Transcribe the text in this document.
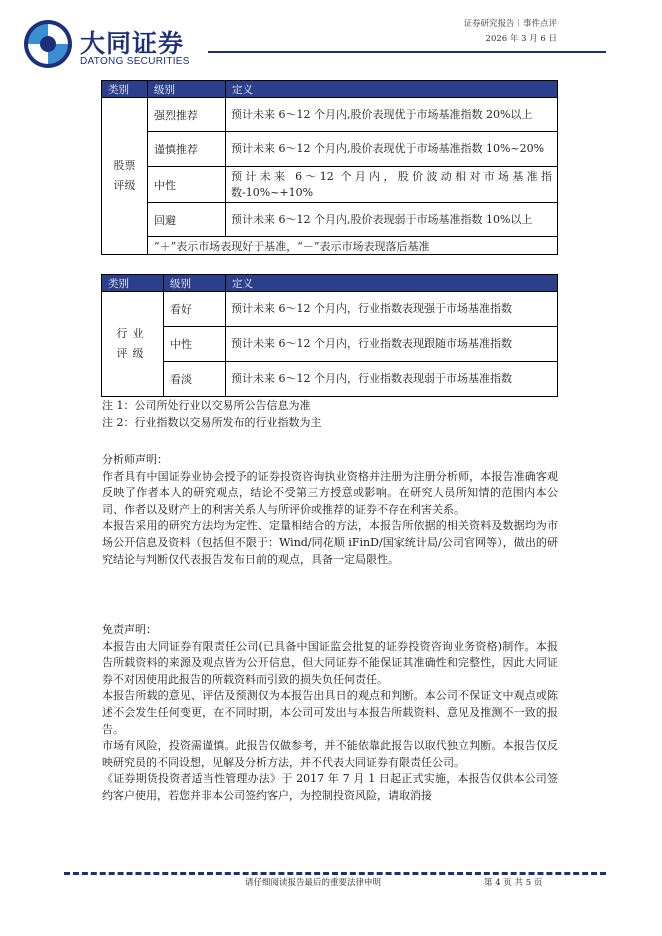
大同证券
DATONG SECURITIES
证券研究报告｜事件点评
2026 年 3 月 6 日
类别	级别	定义
股票评级	强烈推荐	预计未来 6～12 个月内,股价表现优于市场基准指数 20%以上
	谨慎推荐	预计未来 6～12 个月内,股价表现优于市场基准指数 10%~20%
	中性	预计未来 6～12 个月内，股价波动相对市场基准指数-10%~+10%
	回避	预计未来 6～12 个月内,股价表现弱于市场基准指数 10%以上
	“＋”表示市场表现好于基准，“－”表示市场表现落后基准	
类别	级别	定义
行业评级	看好	预计未来 6～12 个月内，行业指数表现强于市场基准指数
	中性	预计未来 6～12 个月内，行业指数表现跟随市场基准指数
	看淡	预计未来 6～12 个月内，行业指数表现弱于市场基准指数

注 1：公司所处行业以交易所公告信息为准

注 2：行业指数以交易所发布的行业指数为主

分析师声明：

作者具有中国证券业协会授予的证券投资咨询执业资格并注册为注册分析师，本报告准确客观反映了作者本人的研究观点，结论不受第三方授意或影响。在研究人员所知情的范围内本公司、作者以及财产上的利害关系人与所评价或推荐的证券不存在利害关系。

本报告采用的研究方法均为定性、定量相结合的方法，本报告所依据的相关资料及数据均为市场公开信息及资料（包括但不限于：Wind/同花顺 iFinD/国家统计局/公司官网等），做出的研究结论与判断仅代表报告发布日前的观点，具备一定局限性。

免责声明：

本报告由大同证券有限责任公司(已具备中国证监会批复的证券投资咨询业务资格)制作。本报告所载资料的来源及观点皆为公开信息，但大同证券不能保证其准确性和完整性，因此大同证券不对因使用此报告的所载资料而引致的损失负任何责任。

本报告所载的意见、评估及预测仅为本报告出具日的观点和判断。本公司不保证文中观点或陈述不会发生任何变更，在不同时期，本公司可发出与本报告所载资料、意见及推测不一致的报告。

市场有风险，投资需谨慎。此报告仅做参考，并不能依靠此报告以取代独立判断。本报告仅反映研究员的不同设想，见解及分析方法，并不代表大同证券有限责任公司。

《证券期货投资者适当性管理办法》于 2017 年 7 月 1 日起正式实施，本报告仅供本公司签约客户使用，若您并非本公司签约客户，为控制投资风险，请取消接

请仔细阅读报告最后的重要法律申明	第 4 页 共 5 页
